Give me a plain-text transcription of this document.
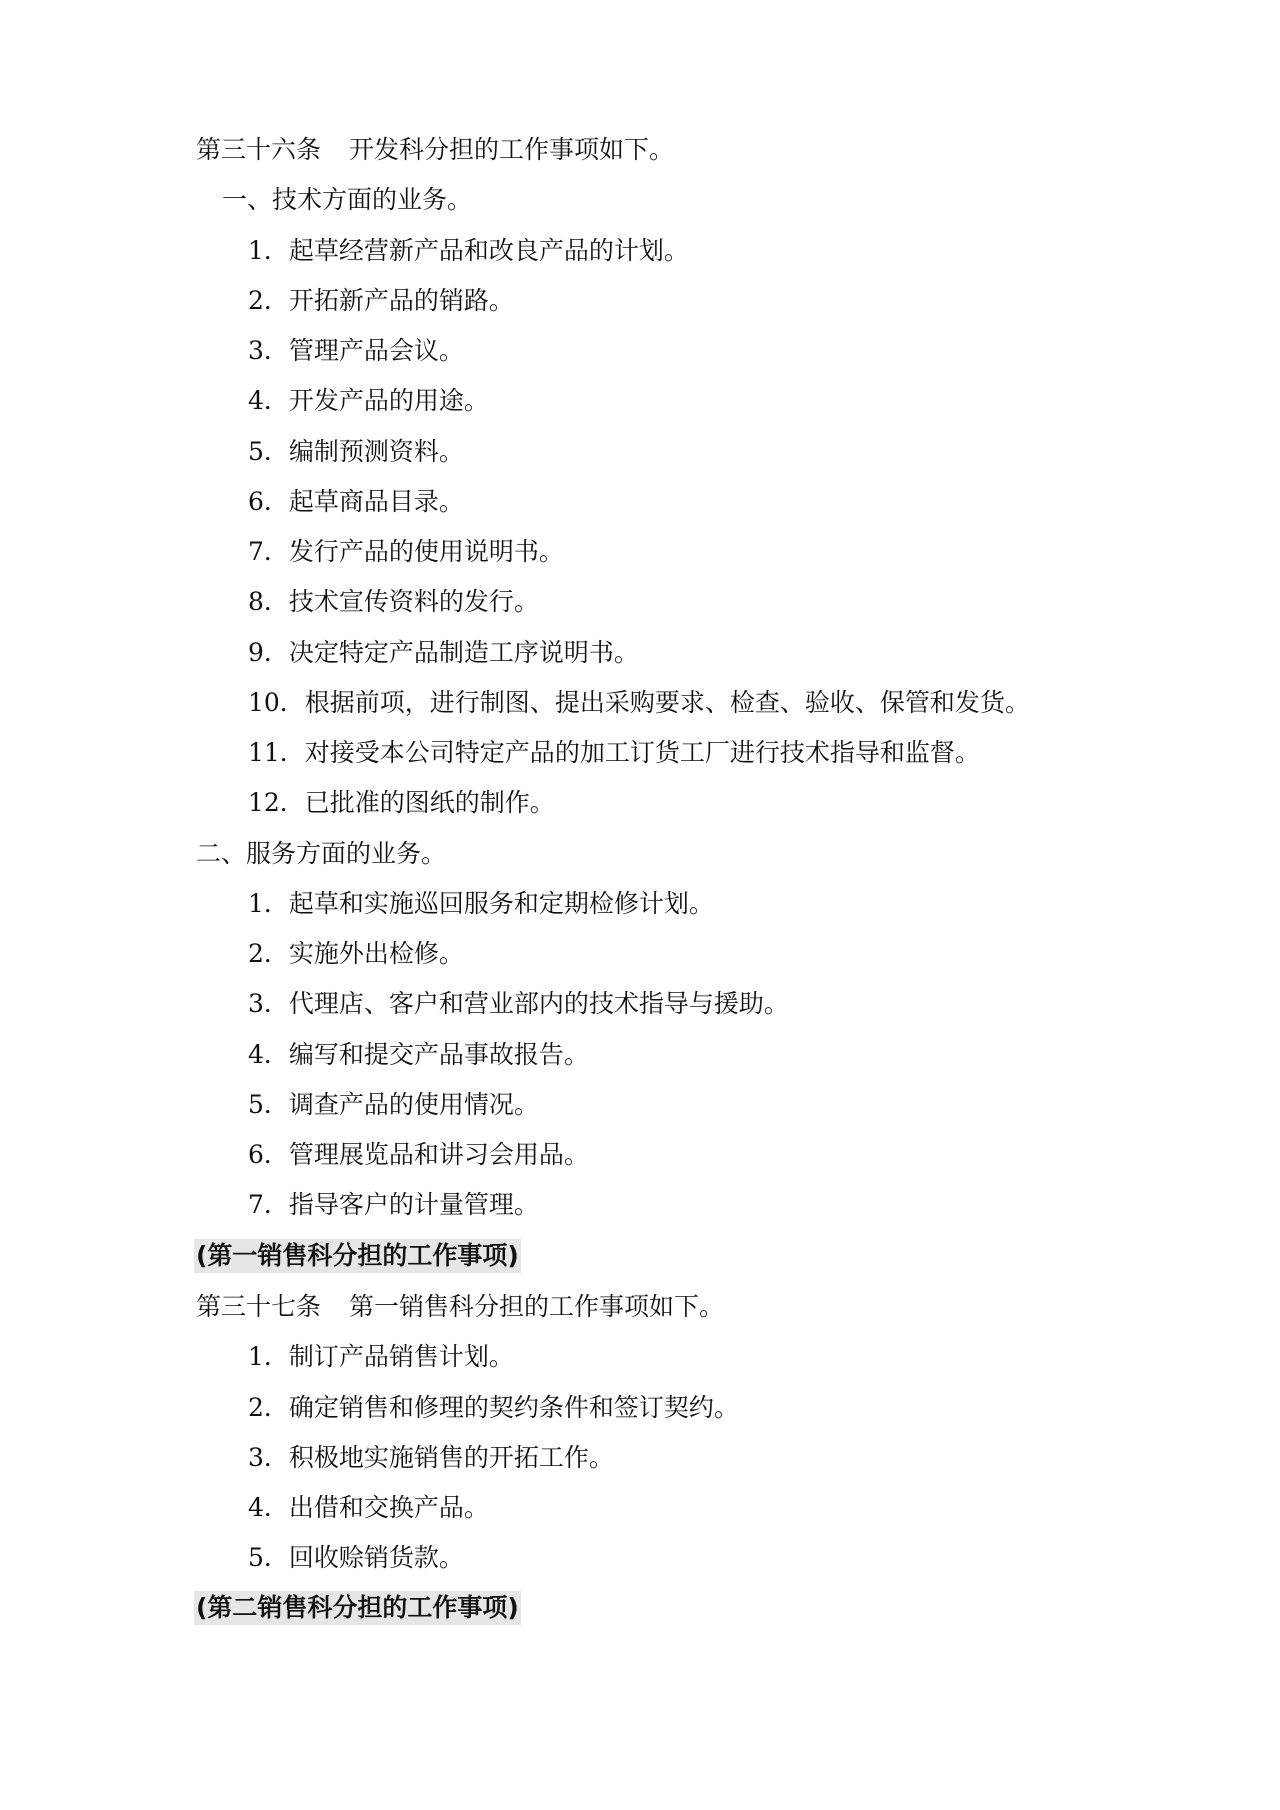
第三十六条 开发科分担的工作事项如下。
一、技术方面的业务。
1．起草经营新产品和改良产品的计划。
2．开拓新产品的销路。
3．管理产品会议。
4．开发产品的用途。
5．编制预测资料。
6．起草商品目录。
7．发行产品的使用说明书。
8．技术宣传资料的发行。
9．决定特定产品制造工序说明书。
10．根据前项，进行制图、提出采购要求、检查、验收、保管和发货。
11．对接受本公司特定产品的加工订货工厂进行技术指导和监督。
12．已批准的图纸的制作。
二、服务方面的业务。
1．起草和实施巡回服务和定期检修计划。
2．实施外出检修。
3．代理店、客户和营业部内的技术指导与援助。
4．编写和提交产品事故报告。
5．调查产品的使用情况。
6．管理展览品和讲习会用品。
7．指导客户的计量管理。
(第一销售科分担的工作事项)
第三十七条 第一销售科分担的工作事项如下。
1．制订产品销售计划。
2．确定销售和修理的契约条件和签订契约。
3．积极地实施销售的开拓工作。
4．出借和交换产品。
5．回收赊销货款。
(第二销售科分担的工作事项)
